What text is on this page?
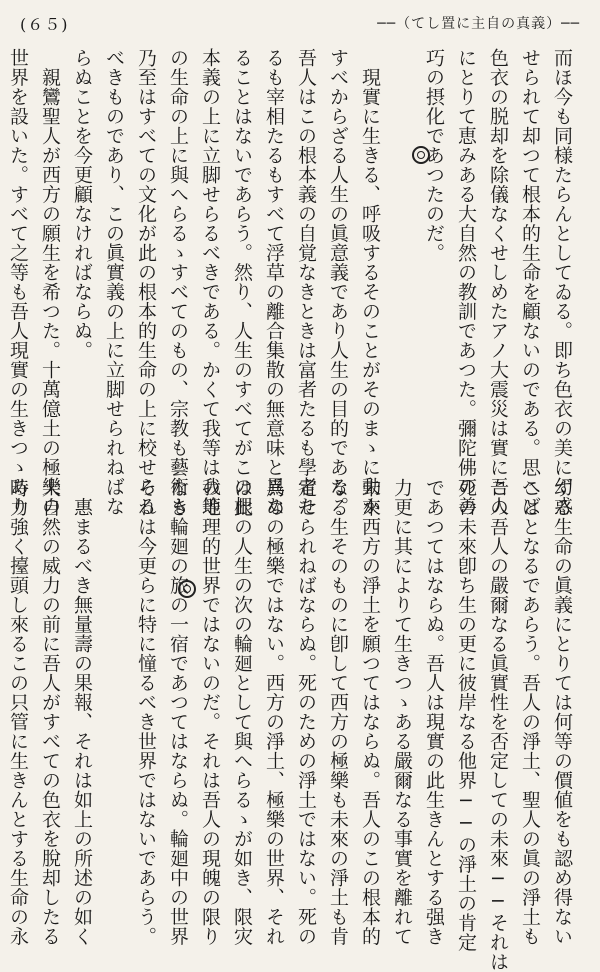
(６５)	──（てし置に主自の真義）──

而ほ今も同様たらんとしてゐる。即ち色衣の美に幻惑

せられて却つて根本的生命を顧ないのである。思へば

色衣の脱却を除儀なくせしめたアノ大震災は實に吾人

にとりて恵みある大自然の教訓であつた。彌陀佛の善

巧の摂化であつたのだ。

　現實に生きる、呼吸するそのことがそのまゝに動か

すべからざる人生の眞意義であり人生の目的である。

吾人はこの根本義の自覚なきときは富者たるも學者た

るも宰相たるもすべて浮草の離合集散の無意味と異な

ることはないであらう。然り、人生のすべてがこの根

本義の上に立脚せらるべきである。かくて我等は我等

の生命の上に與へらるゝすべてのもの、宗教も藝術も

乃至はすべての文化が此の根本的生命の上に校せらる

べきものであり、この眞實義の上に立脚せられねばな

らぬことを今更顧なければならぬ。

　親鸞聖人が西方の願生を希つた。十萬億土の極樂の

世界を設いた。すべて之等も吾人現實の生きつゝあり

ずる生命の眞義にとりては何等の價値をも認め得ない

こととなるであらう。吾人の淨土、聖人の眞の淨土も

この吾人の嚴爾なる眞實性を否定しての未來──それは

死の未來卽ち生の更に彼岸なる他界──の淨土の肯定

であつてはならぬ。吾人は現實の此生きんとする强き

力更に其によりて生きつゝある嚴爾なる事實を離れて

未來西方の淨土を願つてはならぬ。吾人のこの根本的

なる生そのものに卽して西方の極樂も未來の淨土も肯

定せられねばならぬ。死のための淨土ではない。死の

爲めの極樂ではない。西方の淨土、極樂の世界、それ

は此の人生の次の輪廻として與へらるゝが如き、限灾

の地理的世界ではないのだ。それは吾人の現魄の限り

なき輪廻の旅の一宿であつてはならぬ。輪廻中の世界

それは今更らに特に憧るべき世界ではないであらう。

　惠まるべき無量壽の果報、それは如上の所述の如く

大自然の威力の前に吾人がすべての色衣を脫却したる

時力強く擡頭し來るこの只管に生きんとする生命の永
